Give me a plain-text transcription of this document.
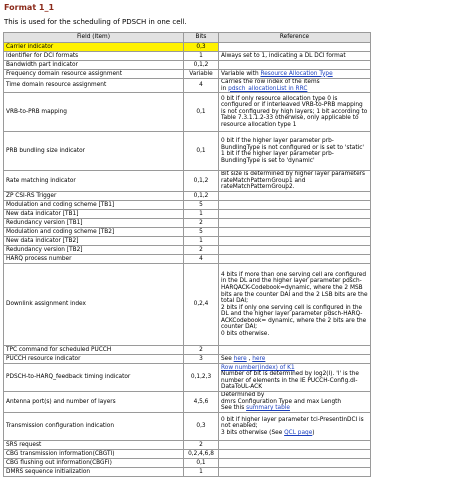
Format 1_1
This is used for the scheduling of PDSCH in one cell.
Field (Item)	Bits	Reference
Carrier indicator	0,3	
Identifier for DCI formats	1	Always set to 1, indicating a DL DCI format
Bandwidth part indicator	0,1,2	
Frequency domain resource assignment	Variable	Variable with Resource Allocation Type
Time domain resource assignment	4	Carries the row index of the items
in pdsch_allocationList in RRC
VRB-to-PRB mapping	0,1	0 bit if only resource allocation type 0 is configured or if interleaved VRB-to-PRB mapping is not configured by high layers; 1 bit according to Table 7.3.1.1.2-33 otherwise, only applicable to resource allocation type 1
PRB bundling size indicator	0,1	0 bit if the higher layer parameter prb-BundlingType is not configured or is set to 'static'
1 bit if the higher layer parameter prb-BundlingType is set to 'dynamic'
Rate matching indicator	0,1,2	Bit size is determined by higher layer parameters rateMatchPatternGroup1 and rateMatchPatternGroup2.
ZP CSI-RS Trigger	0,1,2	
Modulation and coding scheme [TB1]	5	
New data indicator [TB1]	1	
Redundancy version [TB1]	2	
Modulation and coding scheme [TB2]	5	
New data indicator [TB2]	1	
Redundancy version [TB2]	2	
HARQ process number	4	
Downlink assignment index	0,2,4	4 bits if more than one serving cell are configured in the DL and the higher layer parameter pdsch-HARQACK-Codebook=dynamic, where the 2 MSB bits are the counter DAI and the 2 LSB bits are the total DAI;
2 bits if only one serving cell is configured in the DL and the higher layer parameter pdsch-HARQ-ACKCodebook= dynamic, where the 2 bits are the counter DAI;
0 bits otherwise.
TPC command for scheduled PUCCH	2	
PUCCH resource indicator	3	See here , here
PDSCH-to-HARQ_feedback timing indicator	0,1,2,3	Row number(index) of K1
Number of bit is determined by log2(I). 'I' is the number of elements in the IE PUCCH-Config.dl-DataToUL-ACK
Antenna port(s) and number of layers	4,5,6	Determined by
dmrs Configuration Type and max Length
See this summary table
Transmission configuration indication	0,3	0 bit if higher layer parameter tci-PresentInDCI is not enabled;
3 bits otherwise (See QCL page)
SRS request	2	
CBG transmission information(CBGTI)	0,2,4,6,8	
CBG flushing out information(CBGFI)	0,1	
DMRS sequence initialization	1	
